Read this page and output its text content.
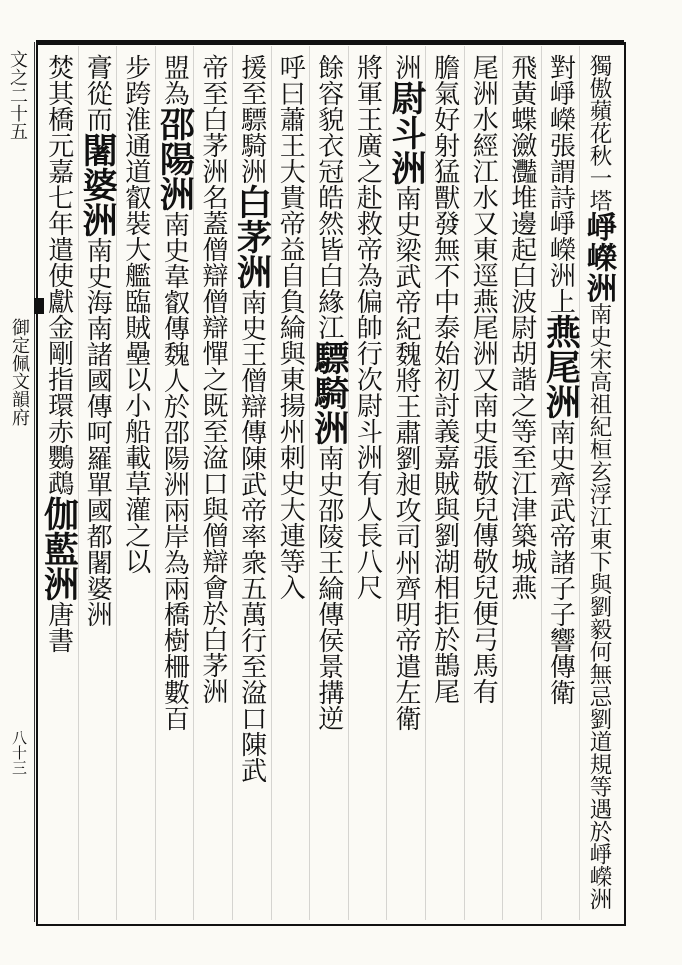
文之二十五
御定佩文韻府
八十三
獨傲蘋花秋一塔崢嶸洲南史宋高祖紀桓玄浮江東下與劉毅何無忌劉道規等遇於崢嶸洲
對崢嶸張謂詩崢嶸洲上燕尾洲南史齊武帝諸子子響傳衛
飛黃蝶瀲灩堆邊起白波尉胡諧之等至江津築城燕
尾洲水經江水又東逕燕尾洲又南史張敬兒傳敬兒便弓馬有
膽氣好射猛獸發無不中泰始初討義嘉賊與劉湖相拒於鵲尾
洲尉斗洲南史梁武帝紀魏將王肅劉昶攻司州齊明帝遣左衛
將軍王廣之赴救帝為偏帥行次尉斗洲有人長八尺
餘容貌衣冠皓然皆白緣江驃騎洲南史邵陵王綸傳侯景搆逆
呼曰蕭王大貴帝益自負綸與東揚州刺史大連等入
援至驃騎洲白茅洲南史王僧辯傳陳武帝率衆五萬行至湓口陳武
帝至白茅洲名蓋僧辯僧辯憚之既至湓口與僧辯會於白茅洲
盟為邵陽洲南史韋叡傳魏人於邵陽洲兩岸為兩橋樹柵數百
步跨淮通道叡裝大艦臨賊壘以小船載草灌之以
膏從而闍婆洲南史海南諸國傳呵羅單國都闍婆洲
焚其橋元嘉七年遣使獻金剛指環赤鸚鵡伽藍洲唐書
